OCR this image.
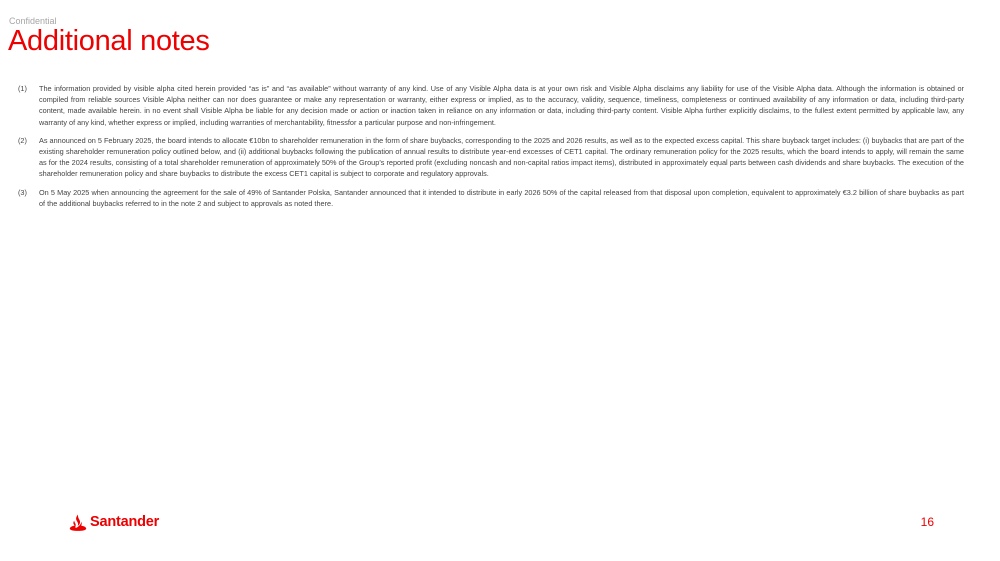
Confidential
Additional notes
(1)	The information provided by visible alpha cited herein provided “as is” and “as available” without warranty of any kind. Use of any Visible Alpha data is at your own risk and Visible Alpha disclaims any liability for use of the Visible Alpha data. Although the information is obtained or compiled from reliable sources Visible Alpha neither can nor does guarantee or make any representation or warranty, either express or implied, as to the accuracy, validity, sequence, timeliness, completeness or continued availability of any information or data, including third-party content, made available herein. in no event shall Visible Alpha be liable for any decision made or action or inaction taken in reliance on any information or data, including third-party content. Visible Alpha further explicitly disclaims, to the fullest extent permitted by applicable law, any warranty of any kind, whether express or implied, including warranties of merchantability, fitnessfor a particular purpose and non-infringement.
(2)	As announced on 5 February 2025, the board intends to allocate €10bn to shareholder remuneration in the form of share buybacks, corresponding to the 2025 and 2026 results, as well as to the expected excess capital. This share buyback target includes: (i) buybacks that are part of the existing shareholder remuneration policy outlined below, and (ii) additional buybacks following the publication of annual results to distribute year-end excesses of CET1 capital. The ordinary remuneration policy for the 2025 results, which the board intends to apply, will remain the same as for the 2024 results, consisting of a total shareholder remuneration of approximately 50% of the Group’s reported profit (excluding noncash and non-capital ratios impact items), distributed in approximately equal parts between cash dividends and share buybacks. The execution of the shareholder remuneration policy and share buybacks to distribute the excess CET1 capital is subject to corporate and regulatory approvals.
(3)	On 5 May 2025 when announcing the agreement for the sale of 49% of Santander Polska, Santander announced that it intended to distribute in early 2026 50% of the capital released from that disposal upon completion, equivalent to approximately €3.2 billion of share buybacks as part of the additional buybacks referred to in the note 2 and subject to approvals as noted there.
Santander	16
